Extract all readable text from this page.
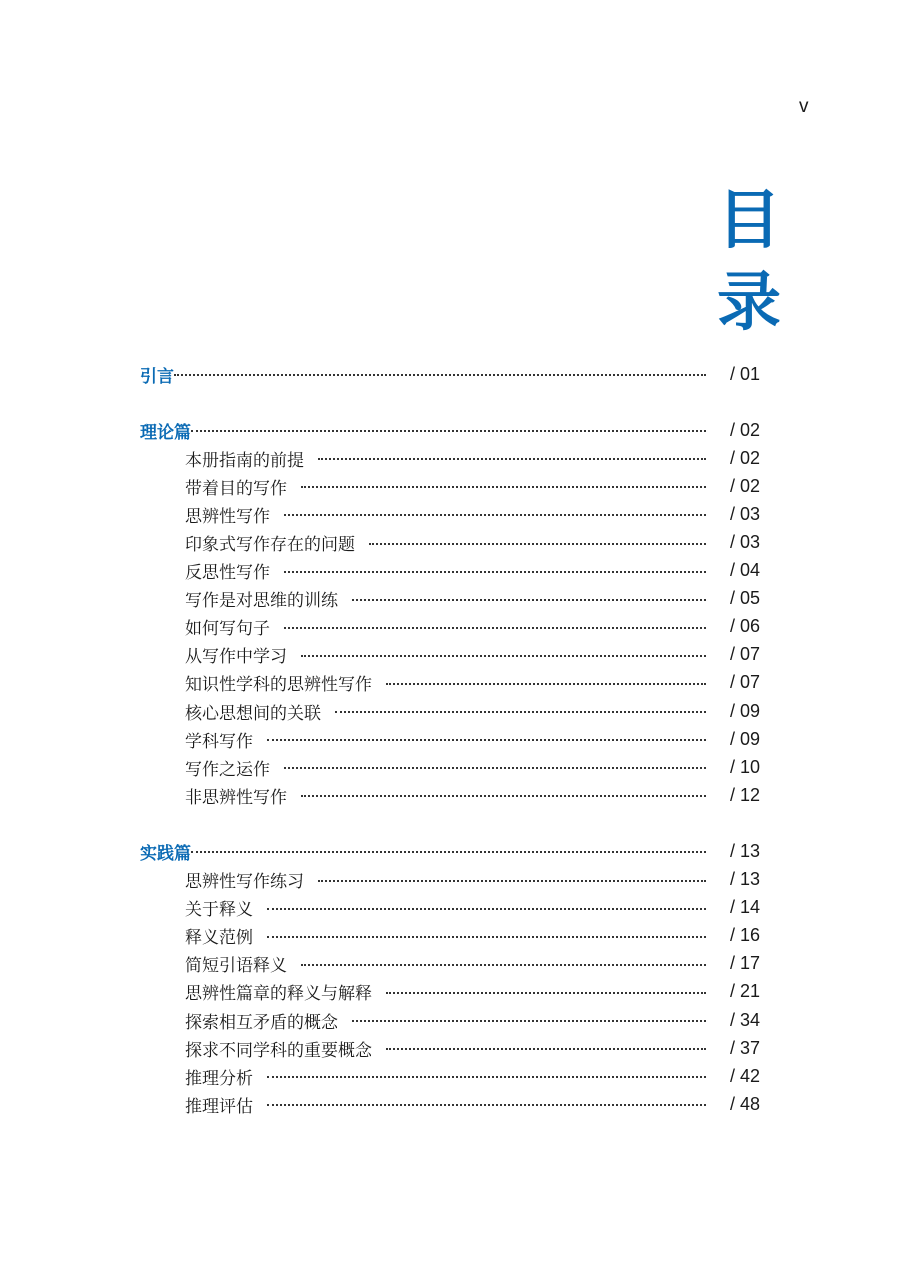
v
目
录
引言	/ 01
理论篇	/ 02
本册指南的前提	/ 02
带着目的写作	/ 02
思辨性写作	/ 03
印象式写作存在的问题	/ 03
反思性写作	/ 04
写作是对思维的训练	/ 05
如何写句子	/ 06
从写作中学习	/ 07
知识性学科的思辨性写作	/ 07
核心思想间的关联	/ 09
学科写作	/ 09
写作之运作	/ 10
非思辨性写作	/ 12
实践篇	/ 13
思辨性写作练习	/ 13
关于释义	/ 14
释义范例	/ 16
简短引语释义	/ 17
思辨性篇章的释义与解释	/ 21
探索相互矛盾的概念	/ 34
探求不同学科的重要概念	/ 37
推理分析	/ 42
推理评估	/ 48
